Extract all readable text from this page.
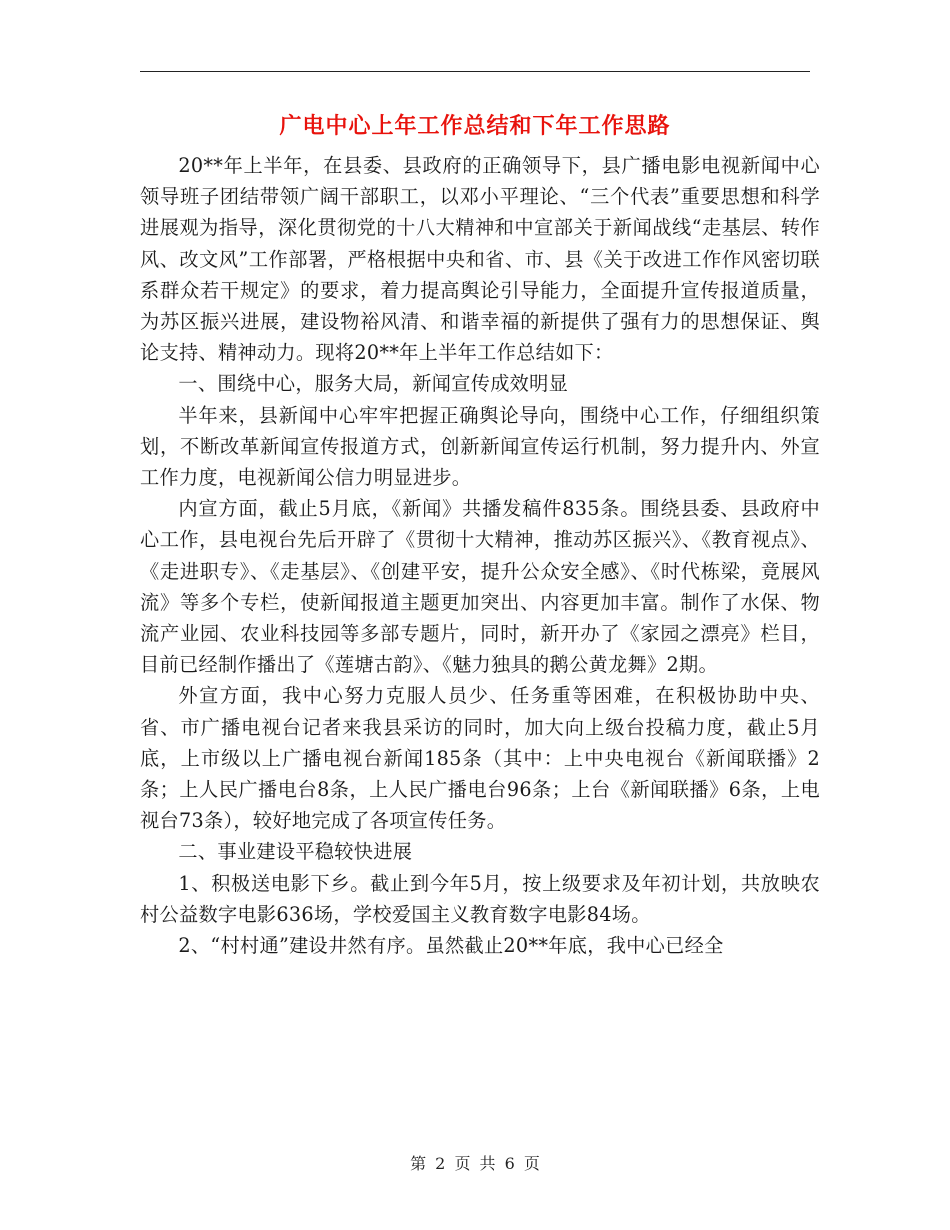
广电中心上年工作总结和下年工作思路

20**年上半年，在县委、县政府的正确领导下，县广播电影电视新闻中心领导班子团结带领广阔干部职工，以邓小平理论、“三个代表”重要思想和科学进展观为指导，深化贯彻党的十八大精神和中宣部关于新闻战线“走基层、转作风、改文风”工作部署，严格根据中央和省、市、县《关于改进工作作风密切联系群众若干规定》的要求，着力提高舆论引导能力，全面提升宣传报道质量，为苏区振兴进展，建设物裕风清、和谐幸福的新提供了强有力的思想保证、舆论支持、精神动力。现将20**年上半年工作总结如下：

一、围绕中心，服务大局，新闻宣传成效明显

半年来，县新闻中心牢牢把握正确舆论导向，围绕中心工作，仔细组织策划，不断改革新闻宣传报道方式，创新新闻宣传运行机制，努力提升内、外宣工作力度，电视新闻公信力明显进步。

内宣方面，截止5月底，《新闻》共播发稿件835条。围绕县委、县政府中心工作，县电视台先后开辟了《贯彻十大精神，推动苏区振兴》、《教育视点》、《走进职专》、《走基层》、《创建平安，提升公众安全感》、《时代栋梁，竟展风流》等多个专栏，使新闻报道主题更加突出、内容更加丰富。制作了水保、物流产业园、农业科技园等多部专题片，同时，新开办了《家园之漂亮》栏目，目前已经制作播出了《莲塘古韵》、《魅力独具的鹅公黄龙舞》2期。

外宣方面，我中心努力克服人员少、任务重等困难，在积极协助中央、省、市广播电视台记者来我县采访的同时，加大向上级台投稿力度，截止5月底，上市级以上广播电视台新闻185条（其中：上中央电视台《新闻联播》2条；上人民广播电台8条，上人民广播电台96条；上台《新闻联播》6条，上电视台73条），较好地完成了各项宣传任务。

二、事业建设平稳较快进展

1、积极送电影下乡。截止到今年5月，按上级要求及年初计划，共放映农村公益数字电影636场，学校爱国主义教育数字电影84场。

2、“村村通”建设井然有序。虽然截止20**年底，我中心已经全

第 2 页 共 6 页
